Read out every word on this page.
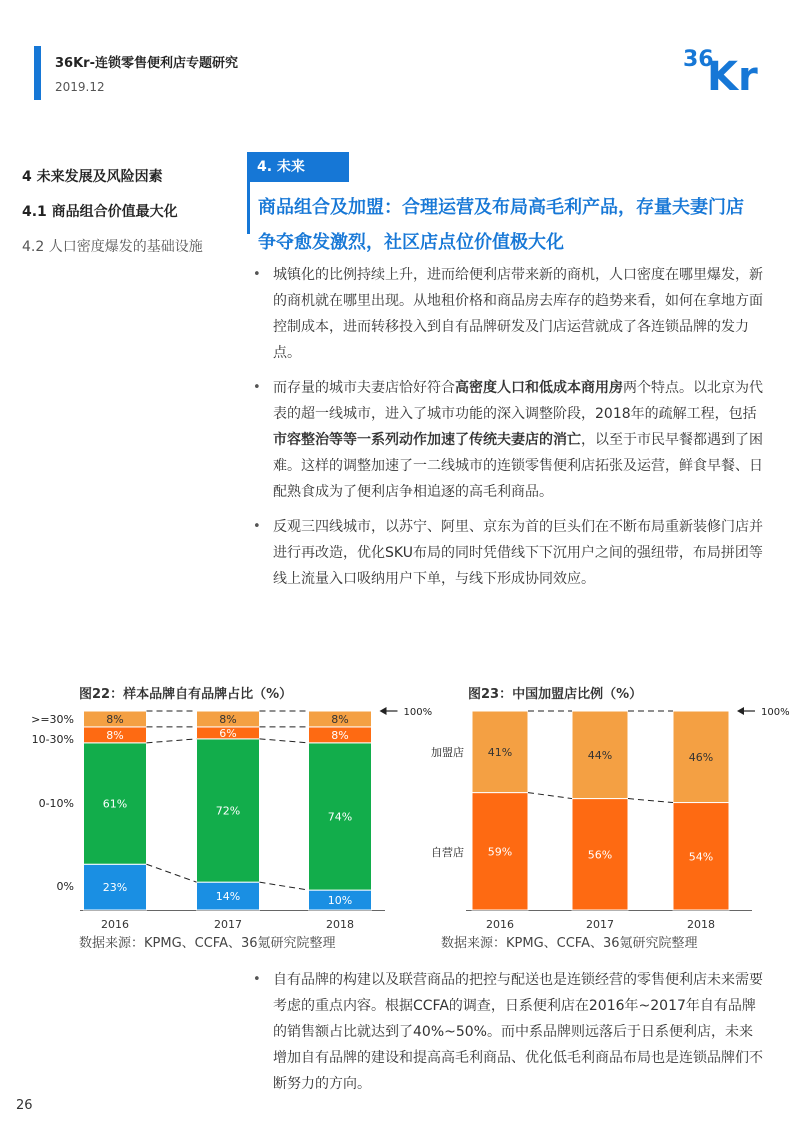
36Kr-连锁零售便利店专题研究
2019.12
36
Kr
4 未来发展及风险因素
4.1 商品组合价值最大化
4.2 人口密度爆发的基础设施
4. 未来
商品组合及加盟：合理运营及布局高毛利产品，存量夫妻门店争夺愈发激烈，社区店点位价值极大化
• 城镇化的比例持续上升，进而给便利店带来新的商机，人口密度在哪里爆发，新的商机就在哪里出现。从地租价格和商品房去库存的趋势来看，如何在拿地方面控制成本，进而转移投入到自有品牌研发及门店运营就成了各连锁品牌的发力点。
• 而存量的城市夫妻店恰好符合高密度人口和低成本商用房两个特点。以北京为代表的超一线城市，进入了城市功能的深入调整阶段，2018年的疏解工程，包括市容整治等等一系列动作加速了传统夫妻店的消亡，以至于市民早餐都遇到了困难。这样的调整加速了一二线城市的连锁零售便利店拓张及运营，鲜食早餐、日配熟食成为了便利店争相追逐的高毛利商品。
• 反观三四线城市，以苏宁、阿里、京东为首的巨头们在不断布局重新装修门店并进行再改造，优化SKU布局的同时凭借线下下沉用户之间的强纽带，布局拼团等线上流量入口吸纳用户下单，与线下形成协同效应。
图22：样本品牌自有品牌占比（%）	图23：中国加盟店比例（%）
23%
61%
8%
8%
2016
14%
72%
6%
8%
2017
10%
74%
8%
8%
2018
0%
0-10%
10-30%
>=30%
100%
59%
41%
2016
56%
44%
2017
54%
46%
2018
自营店
加盟店
100%
数据来源：KPMG、CCFA、36氪研究院整理	数据来源：KPMG、CCFA、36氪研究院整理
• 自有品牌的构建以及联营商品的把控与配送也是连锁经营的零售便利店未来需要考虑的重点内容。根据CCFA的调查，日系便利店在2016年~2017年自有品牌的销售额占比就达到了40%~50%。而中系品牌则远落后于日系便利店，未来增加自有品牌的建设和提高高毛利商品、优化低毛利商品布局也是连锁品牌们不断努力的方向。
26
